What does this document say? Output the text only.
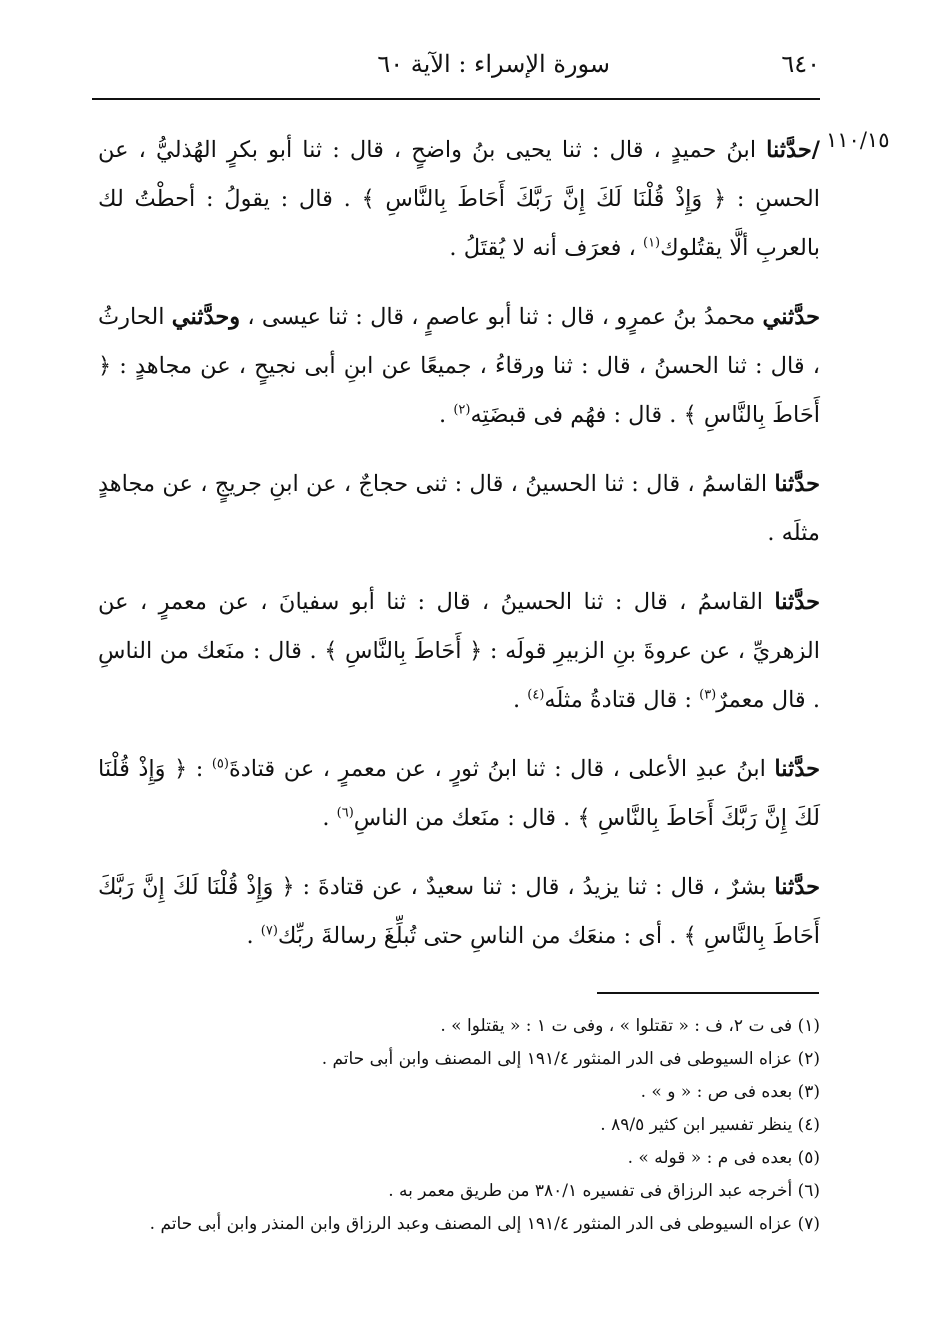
٦٤٠
سورة الإسراء : الآية ٦٠
١١٠/١٥

/حدَّثنا ابنُ حميدٍ ، قال : ثنا يحيى بنُ واضحٍ ، قال : ثنا أبو بكرٍ الهُذليُّ ، عن الحسنِ : ﴿ وَإِذْ قُلْنَا لَكَ إِنَّ رَبَّكَ أَحَاطَ بِالنَّاسِ ﴾ . قال : يقولُ : أحطْتُ لك بالعربِ ألَّا يقتُلوك$^{(١)}$ ، فعرَف أنه لا يُقتَلُ .

حدَّثني محمدُ بنُ عمرٍو ، قال : ثنا أبو عاصمٍ ، قال : ثنا عيسى ، وحدَّثني الحارثُ ، قال : ثنا الحسنُ ، قال : ثنا ورقاءُ ، جميعًا عن ابنِ أبى نجيحٍ ، عن مجاهدٍ : ﴿ أَحَاطَ بِالنَّاسِ ﴾ . قال : فهُم فى قبضَتِه$^{(٢)}$ .

حدَّثنا القاسمُ ، قال : ثنا الحسينُ ، قال : ثنى حجاجٌ ، عن ابنِ جريجٍ ، عن مجاهدٍ مثلَه .

حدَّثنا القاسمُ ، قال : ثنا الحسينُ ، قال : ثنا أبو سفيانَ ، عن معمرٍ ، عن الزهريِّ ، عن عروةَ بنِ الزبيرِ قولَه : ﴿ أَحَاطَ بِالنَّاسِ ﴾ . قال : منَعك من الناسِ . قال معمرٌ$^{(٣)}$ : قال قتادةُ مثلَه$^{(٤)}$ .

حدَّثنا ابنُ عبدِ الأعلى ، قال : ثنا ابنُ ثورٍ ، عن معمرٍ ، عن قتادةَ$^{(٥)}$ : ﴿ وَإِذْ قُلْنَا لَكَ إِنَّ رَبَّكَ أَحَاطَ بِالنَّاسِ ﴾ . قال : منَعك من الناسِ$^{(٦)}$ .

حدَّثنا بشرٌ ، قال : ثنا يزيدُ ، قال : ثنا سعيدٌ ، عن قتادةَ : ﴿ وَإِذْ قُلْنَا لَكَ إِنَّ رَبَّكَ أَحَاطَ بِالنَّاسِ ﴾ . أى : منعَك من الناسِ حتى تُبلِّغَ رسالةَ ربِّك$^{(٧)}$ .

(١) فى ت ٢، ف : « تقتلوا » ، وفى ت ١ : « يقتلوا » .
(٢) عزاه السيوطى فى الدر المنثور ١٩١/٤ إلى المصنف وابن أبى حاتم .
(٣) بعده فى ص : « و » .
(٤) ينظر تفسير ابن كثير ٨٩/٥ .
(٥) بعده فى م : « قوله » .
(٦) أخرجه عبد الرزاق فى تفسيره ٣٨٠/١ من طريق معمر به .
(٧) عزاه السيوطى فى الدر المنثور ١٩١/٤ إلى المصنف وعبد الرزاق وابن المنذر وابن أبى حاتم .
